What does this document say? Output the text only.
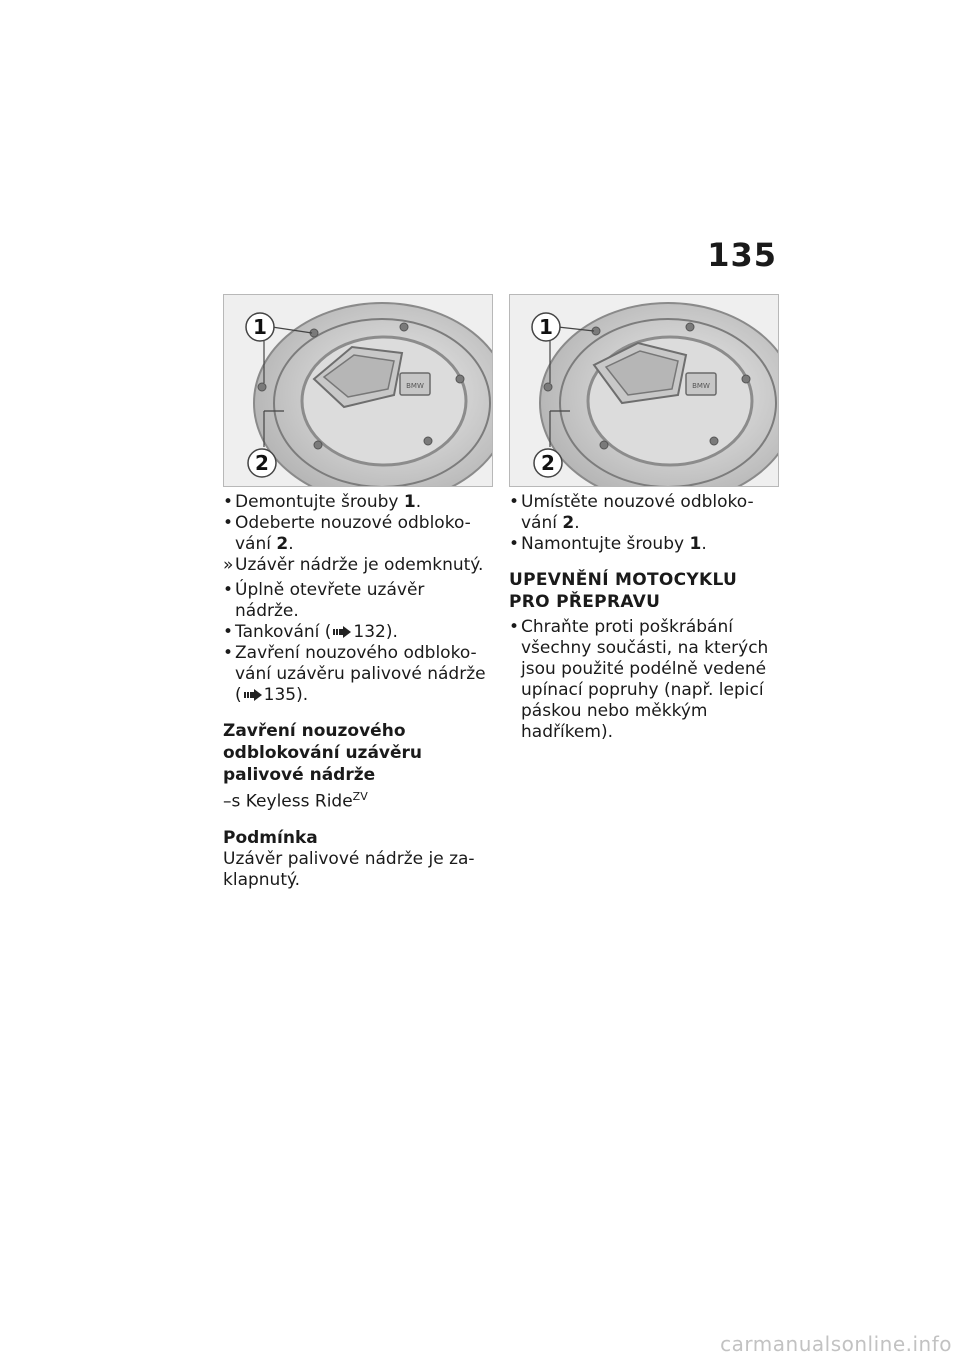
135
BMW
1
2
BMW
1
2

• Demontujte šrouby 1.

• Odeberte nouzové odbloko-vání 2.

» Uzávěr nádrže je odemknutý.

• Úplně otevřete uzávěr nádrže.

• Tankování ( 132).

• Zavření nouzového odbloko-vání uzávěru palivové nádrže ( 135).

Zavření nouzového odblokování uzávěru palivové nádrže

–s Keyless Ride$^{ZV}$

Podmínka

Uzávěr palivové nádrže je za-klapnutý.

• Umístěte nouzové odbloko-vání 2.

• Namontujte šrouby 1.

UPEVNĚNÍ MOTOCYKLU PRO PŘEPRAVU

• Chraňte proti poškrábání všechny součásti, na kterých jsou použité podélně vedené upínací popruhy (např. lepicí páskou nebo měkkým hadříkem).

carmanualsonline.info
